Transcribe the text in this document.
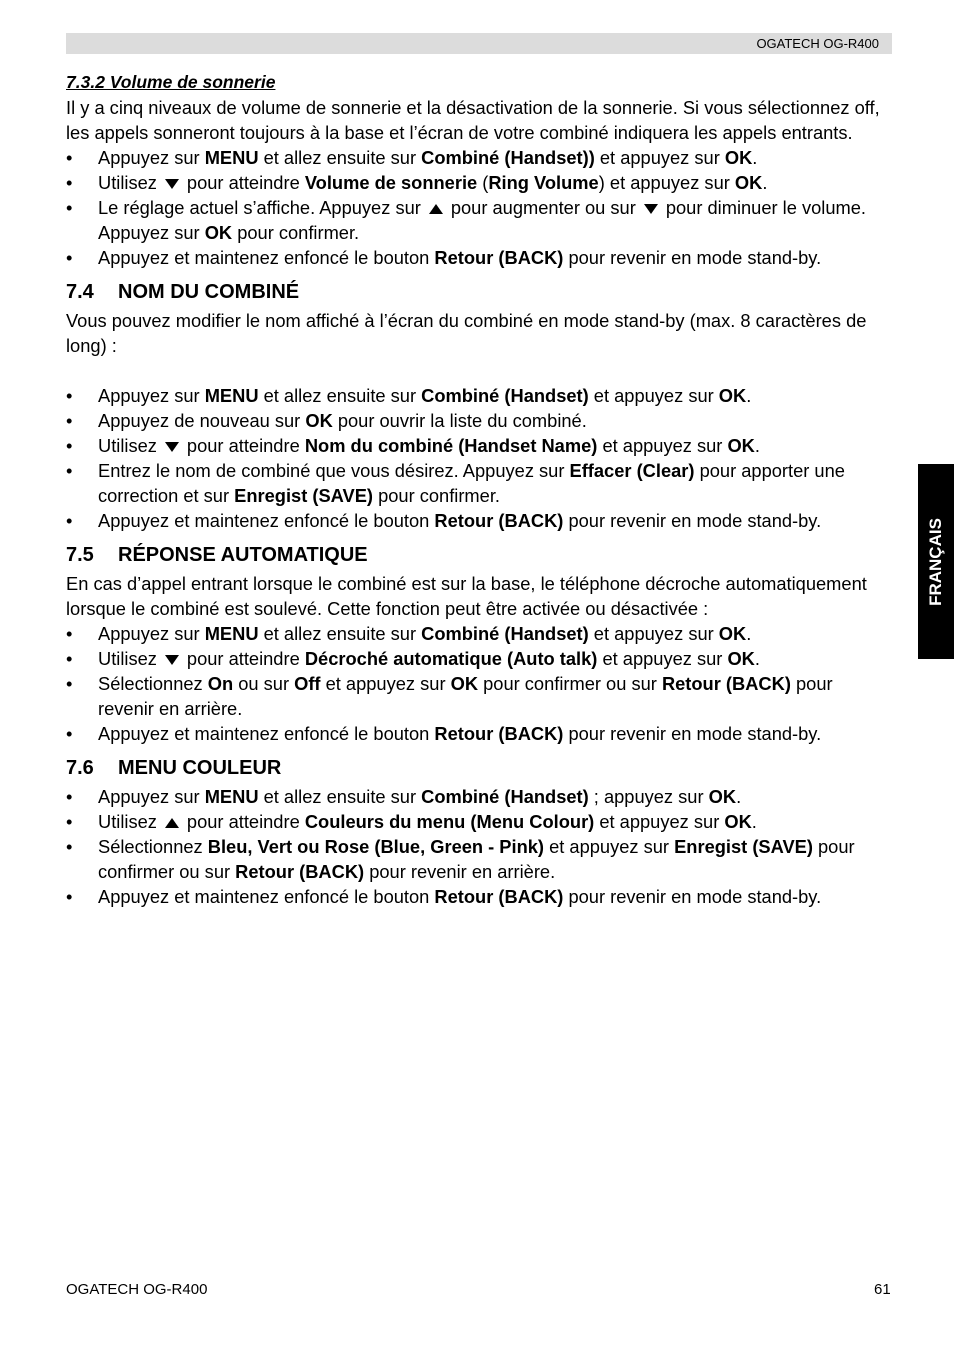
OGATECH OG-R400
FRANÇAIS
7.3.2 Volume de sonnerie

Il y a cinq niveaux de volume de sonnerie et la désactivation de la sonnerie. Si vous sélectionnez off, les appels sonneront toujours à la base et l’écran de votre combiné indiquera les appels entrants.

• Appuyez sur MENU et allez ensuite sur Combiné (Handset)) et appuyez sur OK.
• Utilisez pour atteindre Volume de sonnerie (Ring Volume) et appuyez sur OK.
• Le réglage actuel s’affiche. Appuyez sur pour augmenter ou sur pour diminuer le volume. Appuyez sur OK pour confirmer.
• Appuyez et maintenez enfoncé le bouton Retour (BACK) pour revenir en mode stand-by.
7.4 NOM DU COMBINÉ

Vous pouvez modifier le nom affiché à l’écran du combiné en mode stand-by (max. 8 caractères de long) :

• Appuyez sur MENU et allez ensuite sur Combiné (Handset) et appuyez sur OK.
• Appuyez de nouveau sur OK pour ouvrir la liste du combiné.
• Utilisez pour atteindre Nom du combiné (Handset Name) et appuyez sur OK.
• Entrez le nom de combiné que vous désirez. Appuyez sur Effacer (Clear) pour apporter une correction et sur Enregist (SAVE) pour confirmer.
• Appuyez et maintenez enfoncé le bouton Retour (BACK) pour revenir en mode stand-by.
7.5 RÉPONSE AUTOMATIQUE

En cas d’appel entrant lorsque le combiné est sur la base, le téléphone décroche automatiquement lorsque le combiné est soulevé. Cette fonction peut être activée ou désactivée :

• Appuyez sur MENU et allez ensuite sur Combiné (Handset) et appuyez sur OK.
• Utilisez pour atteindre Décroché automatique (Auto talk) et appuyez sur OK.
• Sélectionnez On ou sur Off et appuyez sur OK pour confirmer ou sur Retour (BACK) pour revenir en arrière.
• Appuyez et maintenez enfoncé le bouton Retour (BACK) pour revenir en mode stand-by.
7.6 MENU COULEUR
• Appuyez sur MENU et allez ensuite sur Combiné (Handset) ; appuyez sur OK.
• Utilisez pour atteindre Couleurs du menu (Menu Colour) et appuyez sur OK.
• Sélectionnez Bleu, Vert ou Rose (Blue, Green - Pink) et appuyez sur Enregist (SAVE) pour confirmer ou sur Retour (BACK) pour revenir en arrière.
• Appuyez et maintenez enfoncé le bouton Retour (BACK) pour revenir en mode stand-by.
OGATECH OG-R400	61
